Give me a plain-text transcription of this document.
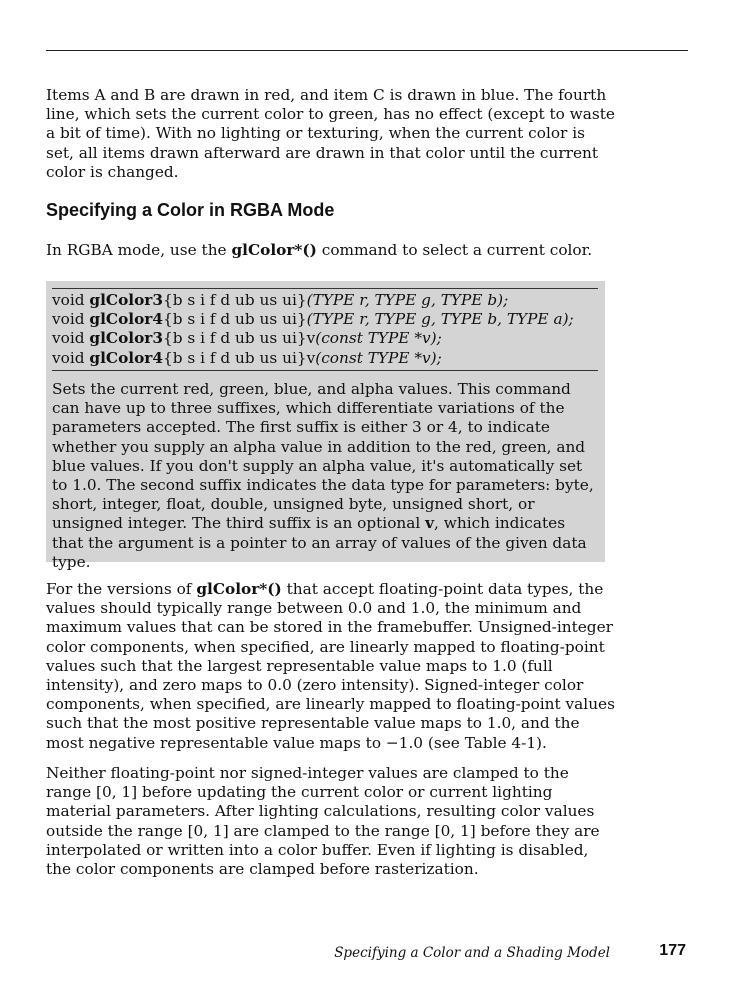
Items A and B are drawn in red, and item C is drawn in blue. The fourth line, which sets the current color to green, has no effect (except to waste a bit of time). With no lighting or texturing, when the current color is set, all items drawn afterward are drawn in that color until the current color is changed.

Specifying a Color in RGBA Mode

In RGBA mode, use the glColor*() command to select a current color.

void glColor3{b s i f d ub us ui}(TYPE r, TYPE g, TYPE b);
void glColor4{b s i f d ub us ui}(TYPE r, TYPE g, TYPE b, TYPE a);
void glColor3{b s i f d ub us ui}v(const TYPE *v);
void glColor4{b s i f d ub us ui}v(const TYPE *v);

Sets the current red, green, blue, and alpha values. This command can have up to three suffixes, which differentiate variations of the parameters accepted. The first suffix is either 3 or 4, to indicate whether you supply an alpha value in addition to the red, green, and blue values. If you don't supply an alpha value, it's automatically set to 1.0. The second suffix indicates the data type for parameters: byte, short, integer, float, double, unsigned byte, unsigned short, or unsigned integer. The third suffix is an optional v, which indicates that the argument is a pointer to an array of values of the given data type.

For the versions of glColor*() that accept floating-point data types, the values should typically range between 0.0 and 1.0, the minimum and maximum values that can be stored in the framebuffer. Unsigned-integer color components, when specified, are linearly mapped to floating-point values such that the largest representable value maps to 1.0 (full intensity), and zero maps to 0.0 (zero intensity). Signed-integer color components, when specified, are linearly mapped to floating-point values such that the most positive representable value maps to 1.0, and the most negative representable value maps to −1.0 (see Table 4-1).

Neither floating-point nor signed-integer values are clamped to the range [0, 1] before updating the current color or current lighting material parameters. After lighting calculations, resulting color values outside the range [0, 1] are clamped to the range [0, 1] before they are interpolated or written into a color buffer. Even if lighting is disabled, the color components are clamped before rasterization.

Specifying a Color and a Shading Model	177
